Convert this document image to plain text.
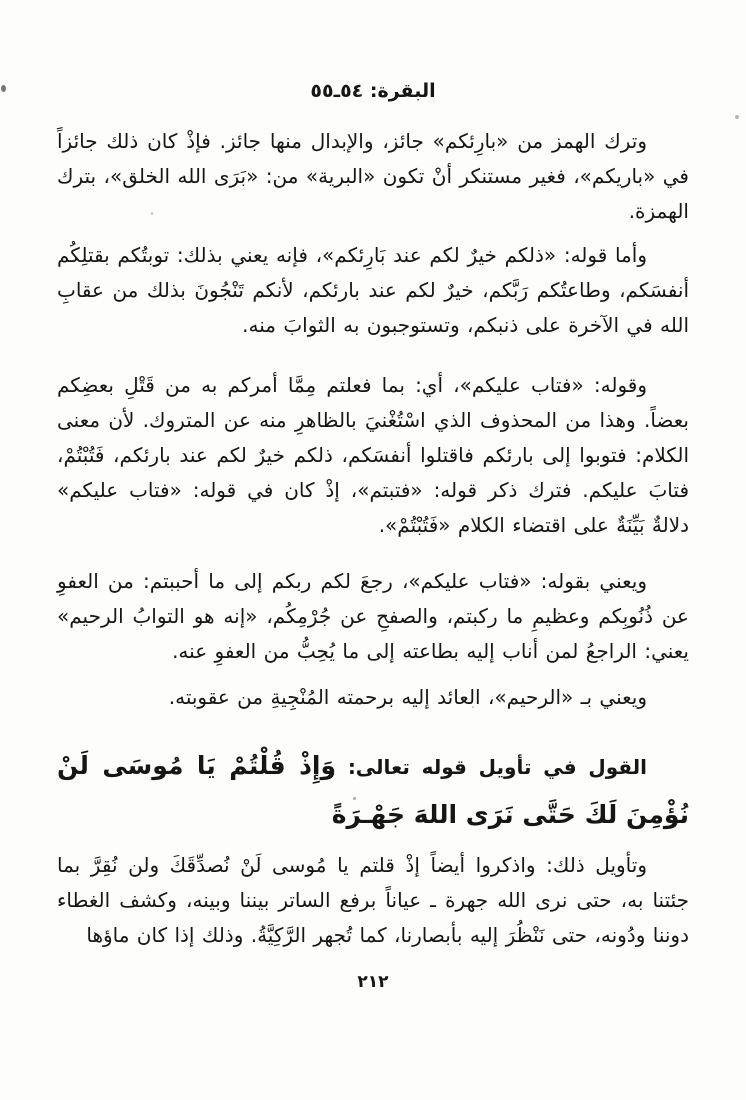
البقرة: ٥٤ـ٥٥

وترك الهمز من «بارِئكم» جائز، والإبدال منها جائز. فإذْ كان ذلك جائزاً في «باريكم»، فغير مستنكر أنْ تكون «البرية» من: «بَرَى الله الخلق»، بترك الهمزة.

وأما قوله: «ذلكم خيرٌ لكم عند بَارِئكم»، فإنه يعني بذلك: توبتُكم بقتلِكُم أنفسَكم، وطاعتُكم رَبَّكم، خيرٌ لكم عند بارئكم، لأنكم تَنْجُونَ بذلك من عقابِ الله في الآخرة على ذنبكم، وتستوجبون به الثوابَ منه.

وقوله: «فتاب عليكم»، أي: بما فعلتم مِمَّا أمركم به من قَتْلِ بعضِكم بعضاً. وهذا من المحذوف الذي اسْتُغْنيَ بالظاهرِ منه عن المتروك. لأن معنى الكلام: فتوبوا إلى بارئكم فاقتلوا أنفسَكم، ذلكم خيرٌ لكم عند بارئكم، فَتُبْتُمْ، فتابَ عليكم. فترك ذكر قوله: «فتبتم»، إذْ كان في قوله: «فتاب عليكم» دلالةٌ بَيِّنَةٌ على اقتضاء الكلام «فَتُبْتُمْ».

ويعني بقوله: «فتاب عليكم»، رجعَ لكم ربكم إلى ما أحببتم: من العفوِ عن ذُنُوبِكم وعظيمِ ما ركبتم، والصفحِ عن جُرْمِكُم، «إنه هو التوابُ الرحيم» يعني: الراجعُ لمن أناب إليه بطاعته إلى ما يُحِبُّ من العفوِ عنه.

ويعني بـ «الرحيم»، العائد إليه برحمته المُنْجِيةِ من عقوبته.

القول في تأويل قوله تعالى: وَإِذْ قُلْتُمْ يَا مُوسَى لَنْ نُؤْمِنَ لَكَ حَتَّى نَرَى اللهَ جَهْـرَةً

وتأويل ذلك: واذكروا أيضاً إذْ قلتم يا مُوسى لَنْ نُصدِّقَكَ ولن نُقِرَّ بما جئتنا به، حتى نرى الله جهرة ـ عياناً برفع الساتر بيننا وبينه، وكشف الغطاء دوننا ودُونه، حتى نَنْظُرَ إليه بأبصارنا، كما تُجهر الرَّكِيَّةُ. وذلك إذا كان ماؤها

٢١٢
